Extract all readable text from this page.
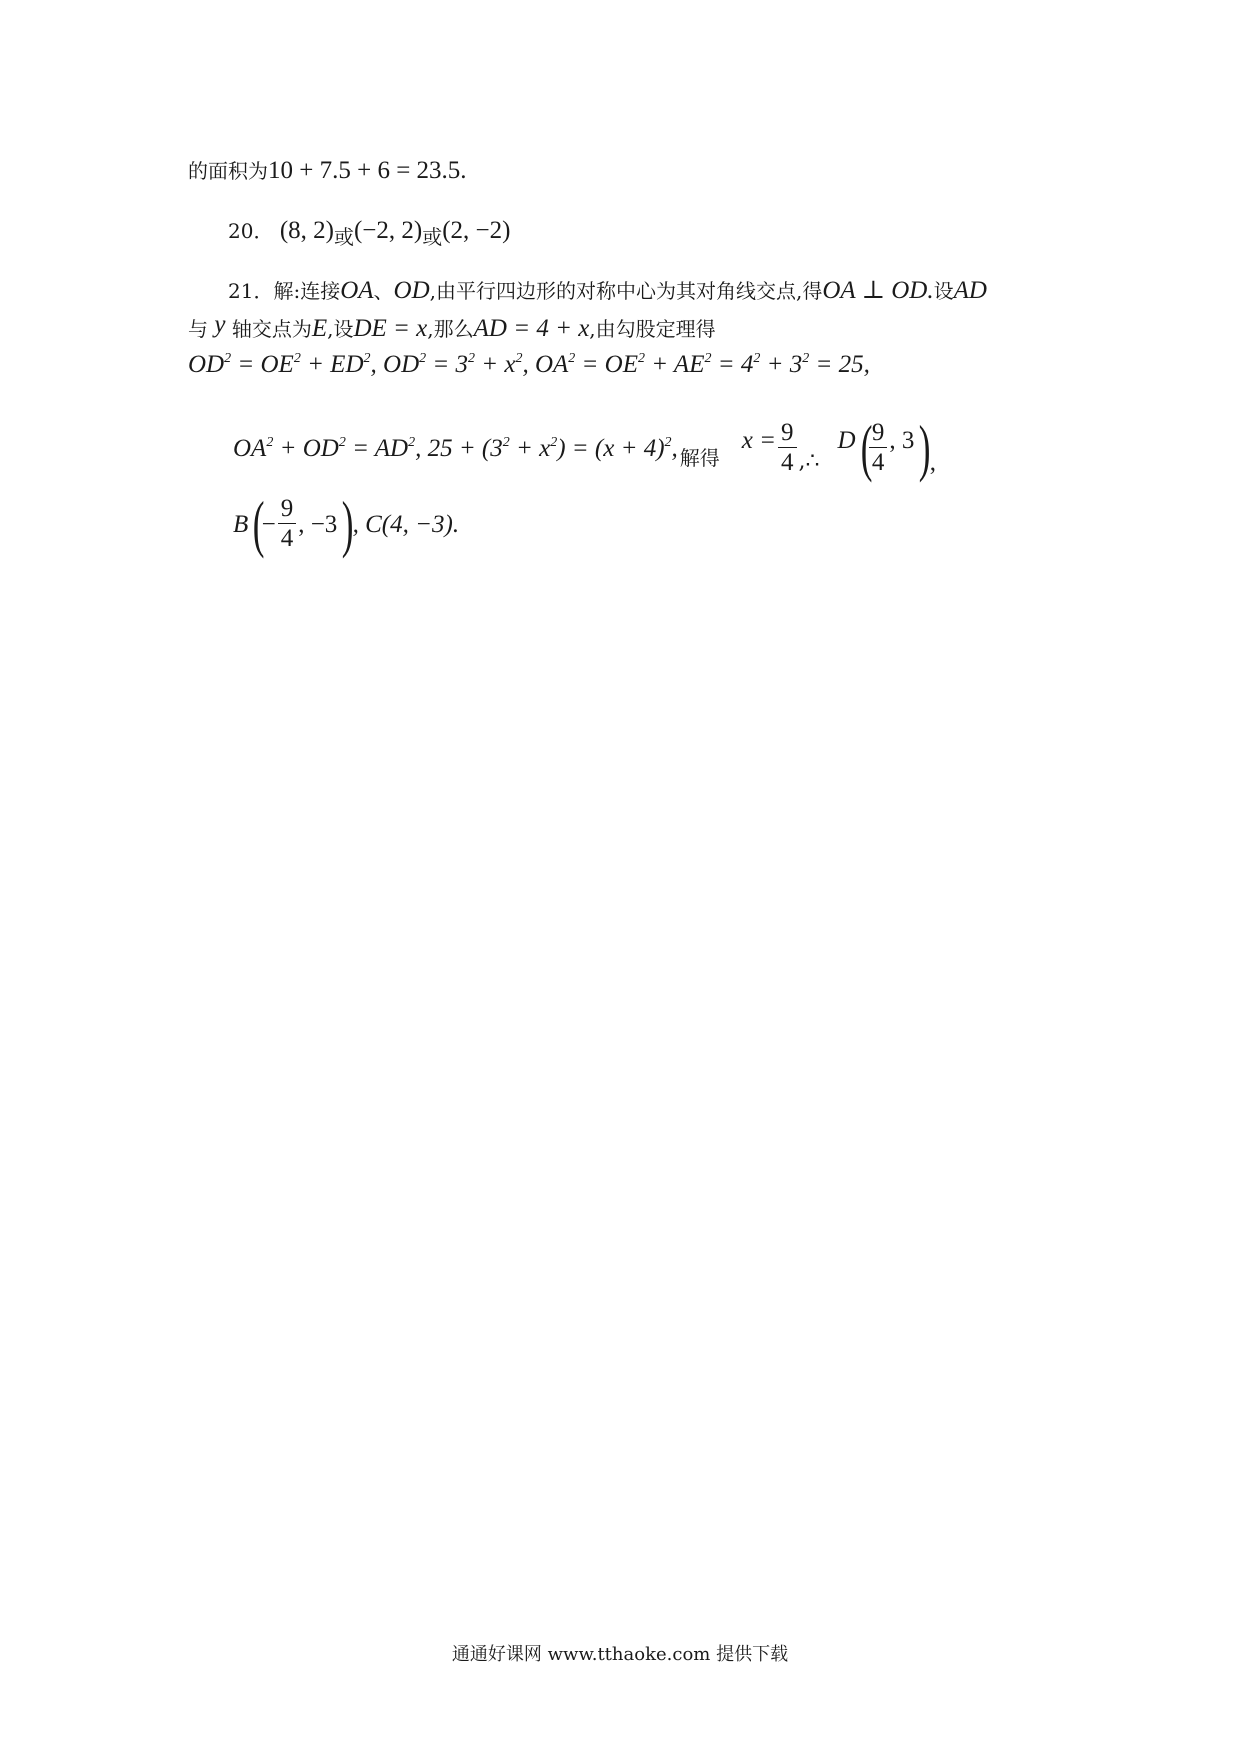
的面积为10 + 7.5 + 6 = 23.5.
20． (8, 2)或(−2, 2)或(2, −2)
21．解:连接OA、OD,由平行四边形的对称中心为其对角线交点,得OA ⊥ OD.设AD
与 y 轴交点为E,设DE = x,那么AD = 4 + x,由勾股定理得
$OD^2 = OE^2 + ED^2$, $OD^2 = 3^2 + x^2$, $OA^2 = OE^2 + AE^2 = 4^2 + 3^2 = 25$,
$OA^2 + OD^2 = AD^2$, $25 + (3^2 + x^2) = (x + 4)^2$, 解得
$x = \frac{9}{4}$ ,∴
D (
$\frac{9}{4}$ , 3 )
,
B (
− $\frac{9}{4}$ , −3 )
, C(4, −3).
通通好课网 www.tthaoke.com 提供下载
